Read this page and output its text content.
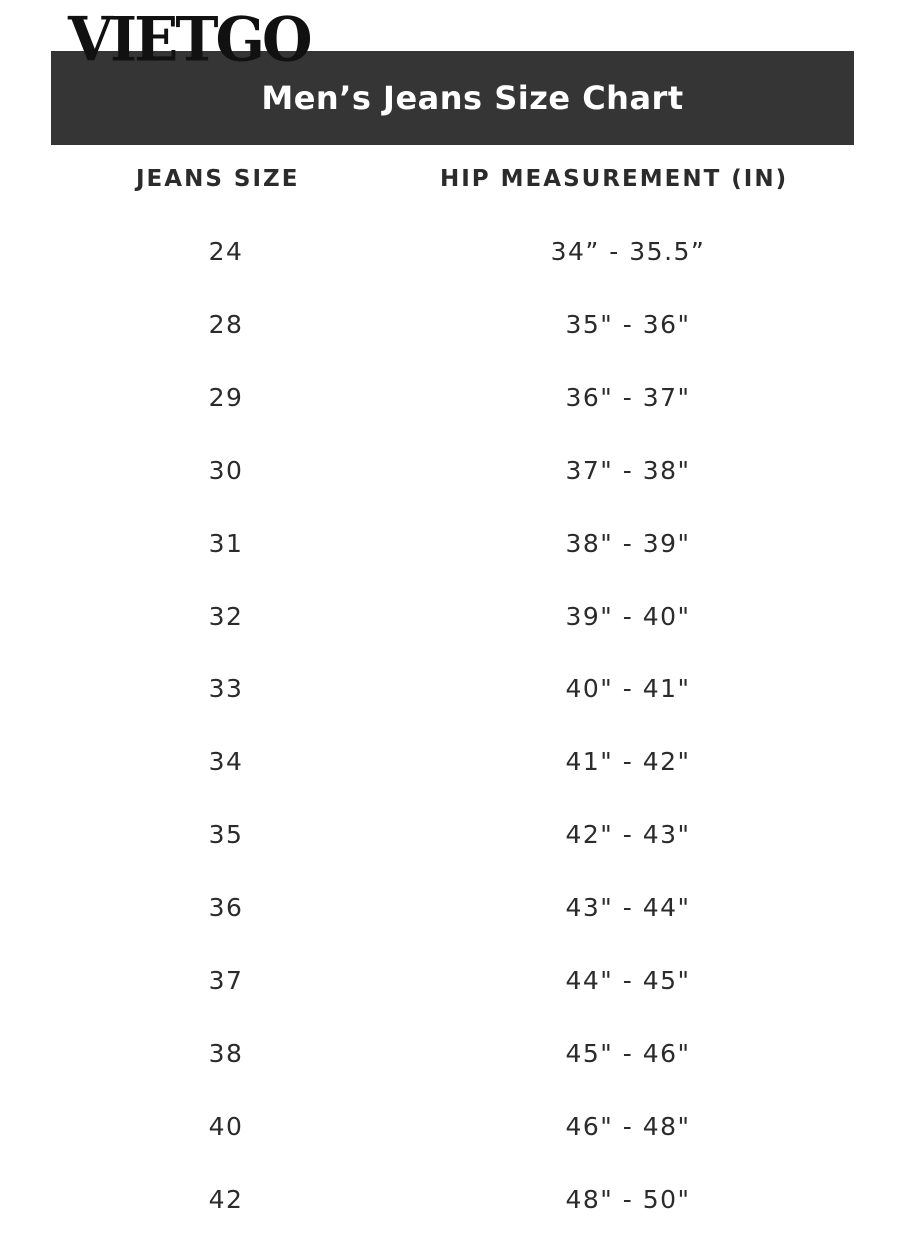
Men’s Jeans Size Chart
VIETGO
JEANS SIZE	HIP MEASUREMENT (IN)
24	34” - 35.5”
28	35" - 36"
29	36" - 37"
30	37" - 38"
31	38" - 39"
32	39" - 40"
33	40" - 41"
34	41" - 42"
35	42" - 43"
36	43" - 44"
37	44" - 45"
38	45" - 46"
40	46" - 48"
42	48" - 50"
